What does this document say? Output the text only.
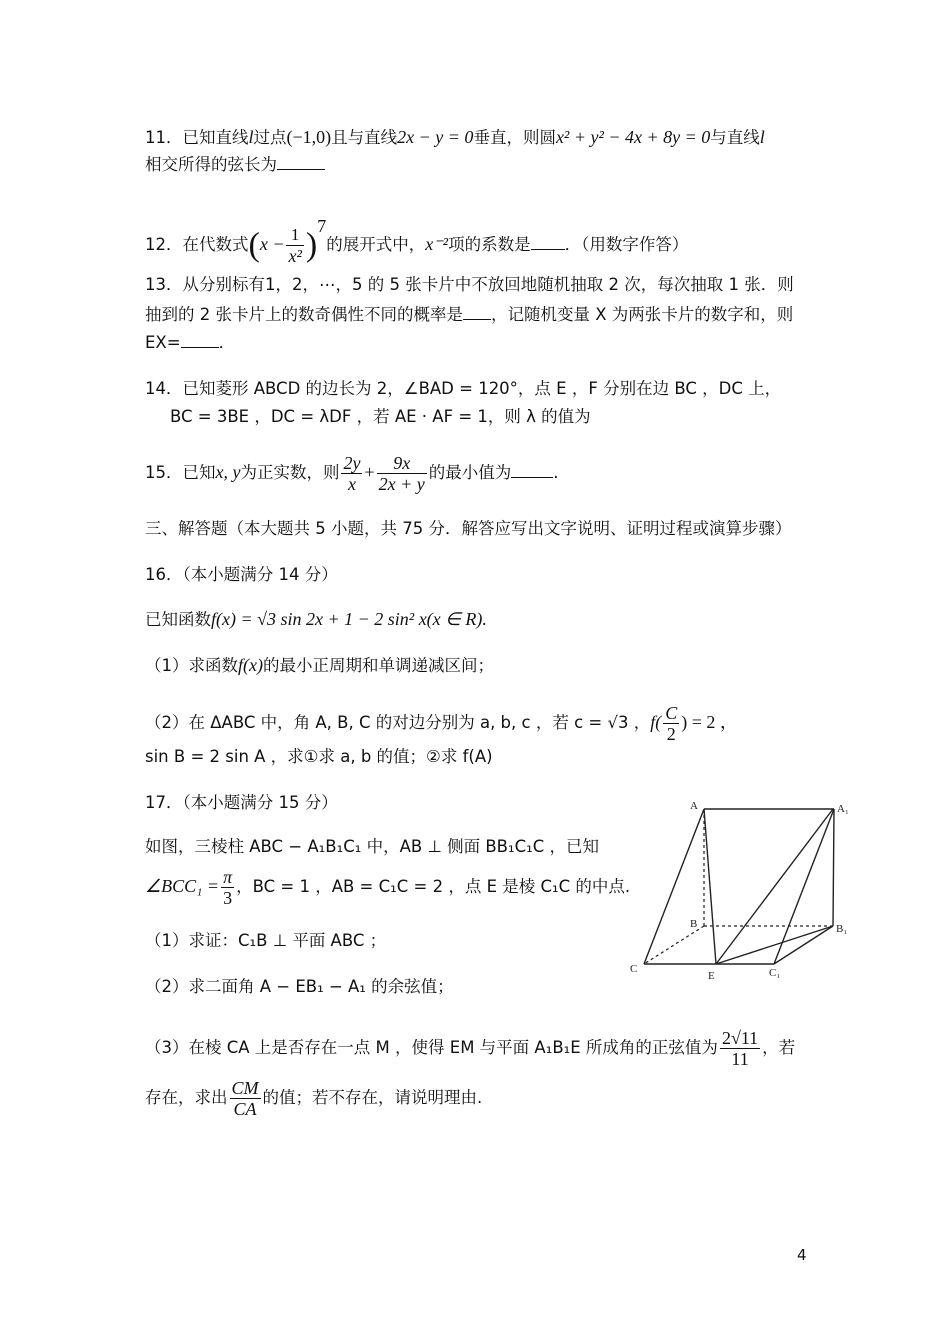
11．已知直线l过点(−1,0)且与直线2x − y = 0垂直，则圆x² + y² − 4x + 8y = 0与直线l
相交所得的弦长为
12．在代数式$(x - \frac{1}{\text{x²}} )^7$的展开式中，x⁻²项的系数是 ．（用数字作答）
13．从分别标有1，2，⋯，5 的 5 张卡片中不放回地随机抽取 2 次，每次抽取 1 张．则
抽到的 2 张卡片上的数奇偶性不同的概率是 ，记随机变量 X 为两张卡片的数字和，则
EX= ．
14．已知菱形 ABCD 的边长为 2，∠BAD = 120°，点 E ，F 分别在边 BC ，DC 上，
BC = 3BE ，DC = λDF ，若 AE · AF = 1，则 λ 的值为
15．已知x, y为正实数，则 $\frac{2y}{x} + \frac{9x}{2x + y}$ 的最小值为	.
三、解答题（本大题共 5 小题，共 75 分．解答应写出文字说明、证明过程或演算步骤）
16．（本小题满分 14 分）
已知函数f(x) = √3 sin 2x + 1 − 2 sin² x(x ∈ R).
（1）求函数f(x)的最小正周期和单调递减区间；
（2）在 ΔABC 中，角 A, B, C 的对边分别为 a, b, c ，若 c = √3 ，$f( \frac{C}{2}$ ) = 2 ，
sin B = 2 sin A ，求①求 a, b 的值；②求 f(A)
17．（本小题满分 15 分）
如图，三棱柱 ABC − A₁B₁C₁ 中，AB ⊥ 侧面 BB₁C₁C ，已知
∠BCC₁ = $\frac{\pi}{3}$ ，BC = 1 ，AB = C₁C = 2 ，点 E 是棱 C₁C 的中点.
（1）求证：C₁B ⊥ 平面 ABC ；
（2）求二面角 A − EB₁ − A₁ 的余弦值；
（3）在棱 CA 上是否存在一点 M ，使得 EM 与平面 A₁B₁E 所成角的正弦值为 $\frac{2√11}{11}$ ，若
存在，求出 $\frac{CM}{CA}$ 的值；若不存在，请说明理由.
A	A₁
B	B₁
C	C₁
E
4
